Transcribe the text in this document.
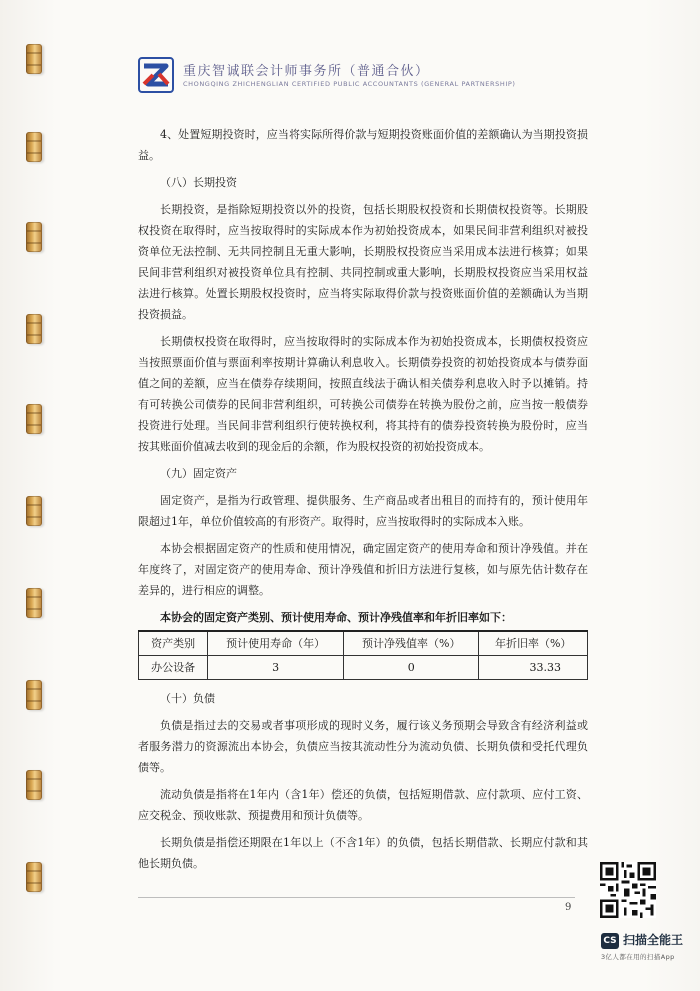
重庆智诚联会计师事务所（普通合伙）
CHONGQING ZHICHENGLIAN CERTIFIED PUBLIC ACCOUNTANTS (GENERAL PARTNERSHIP)

4、处置短期投资时，应当将实际所得价款与短期投资账面价值的差额确认为当期投资损益。

（八）长期投资

长期投资，是指除短期投资以外的投资，包括长期股权投资和长期债权投资等。长期股权投资在取得时，应当按取得时的实际成本作为初始投资成本，如果民间非营利组织对被投资单位无法控制、无共同控制且无重大影响，长期股权投资应当采用成本法进行核算；如果民间非营利组织对被投资单位具有控制、共同控制或重大影响，长期股权投资应当采用权益法进行核算。处置长期股权投资时，应当将实际取得价款与投资账面价值的差额确认为当期投资损益。

长期债权投资在取得时，应当按取得时的实际成本作为初始投资成本，长期债权投资应当按照票面价值与票面利率按期计算确认利息收入。长期债券投资的初始投资成本与债券面值之间的差额，应当在债券存续期间，按照直线法于确认相关债券利息收入时予以摊销。持有可转换公司债券的民间非营利组织，可转换公司债券在转换为股份之前，应当按一般债券投资进行处理。当民间非营利组织行使转换权利，将其持有的债券投资转换为股份时，应当按其账面价值减去收到的现金后的余额，作为股权投资的初始投资成本。

（九）固定资产

固定资产，是指为行政管理、提供服务、生产商品或者出租目的而持有的，预计使用年限超过1年，单位价值较高的有形资产。取得时，应当按取得时的实际成本入账。

本协会根据固定资产的性质和使用情况，确定固定资产的使用寿命和预计净残值。并在年度终了，对固定资产的使用寿命、预计净残值和折旧方法进行复核，如与原先估计数存在差异的，进行相应的调整。

本协会的固定资产类别、预计使用寿命、预计净残值率和年折旧率如下：

资产类别	预计使用寿命（年）	预计净残值率（%）	年折旧率（%）
办公设备	3	0	33.33
（十）负债

负债是指过去的交易或者事项形成的现时义务，履行该义务预期会导致含有经济利益或者服务潜力的资源流出本协会，负债应当按其流动性分为流动负债、长期负债和受托代理负债等。

流动负债是指将在1年内（含1年）偿还的负债，包括短期借款、应付款项、应付工资、应交税金、预收账款、预提费用和预计负债等。

长期负债是指偿还期限在1年以上（不含1年）的负债，包括长期借款、长期应付款和其他长期负债。

9
CS 扫描全能王
3亿人都在用的扫描App
